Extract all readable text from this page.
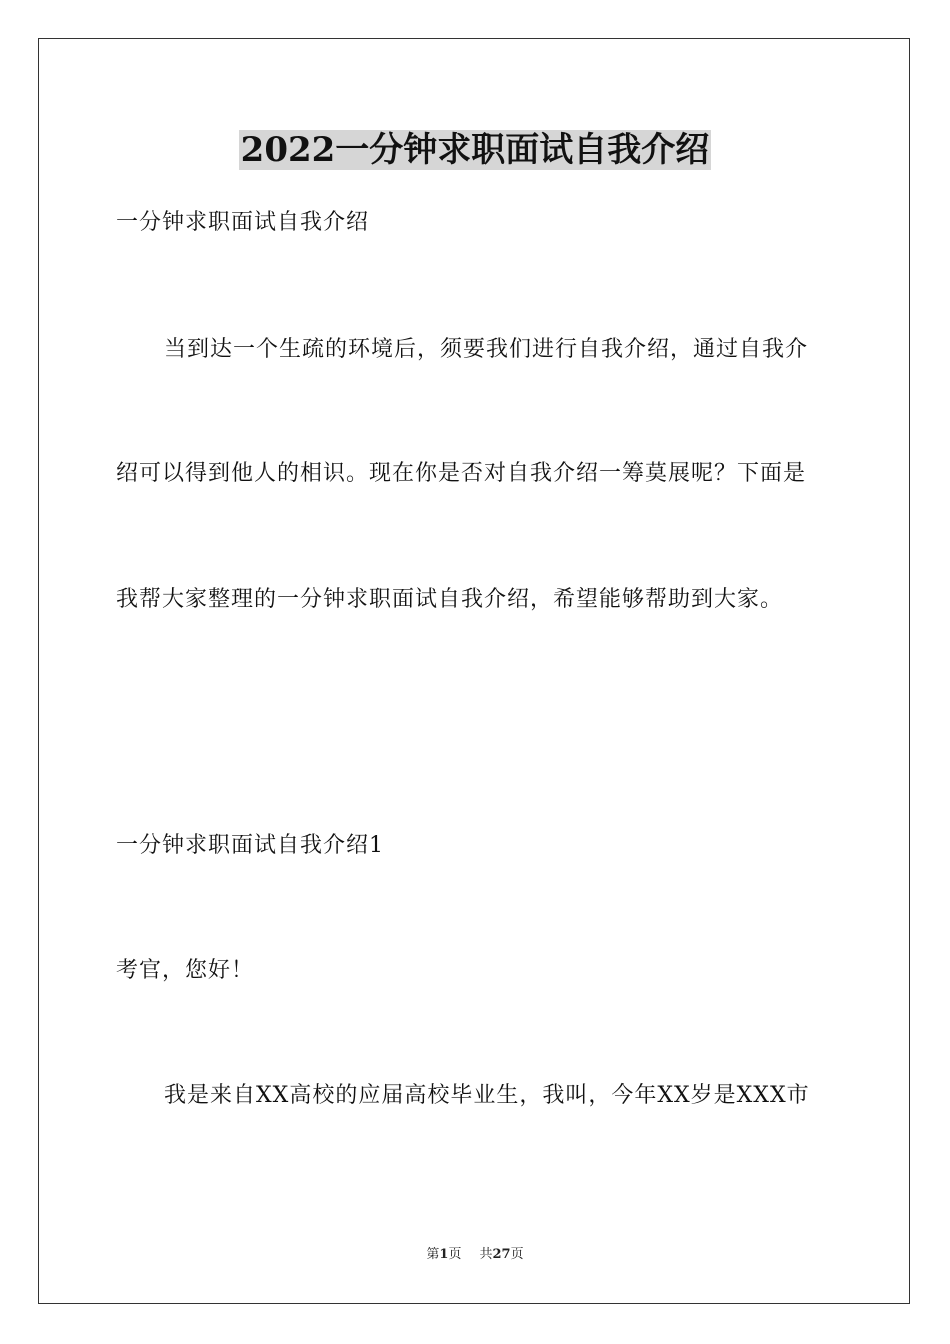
2022一分钟求职面试自我介绍
一分钟求职面试自我介绍
当到达一个生疏的环境后，须要我们进行自我介绍，通过自我介
绍可以得到他人的相识。现在你是否对自我介绍一筹莫展呢？下面是
我帮大家整理的一分钟求职面试自我介绍，希望能够帮助到大家。
一分钟求职面试自我介绍1
考官，您好！
我是来自XX高校的应届高校毕业生，我叫，今年XX岁是XXX市
第1页 共27页
